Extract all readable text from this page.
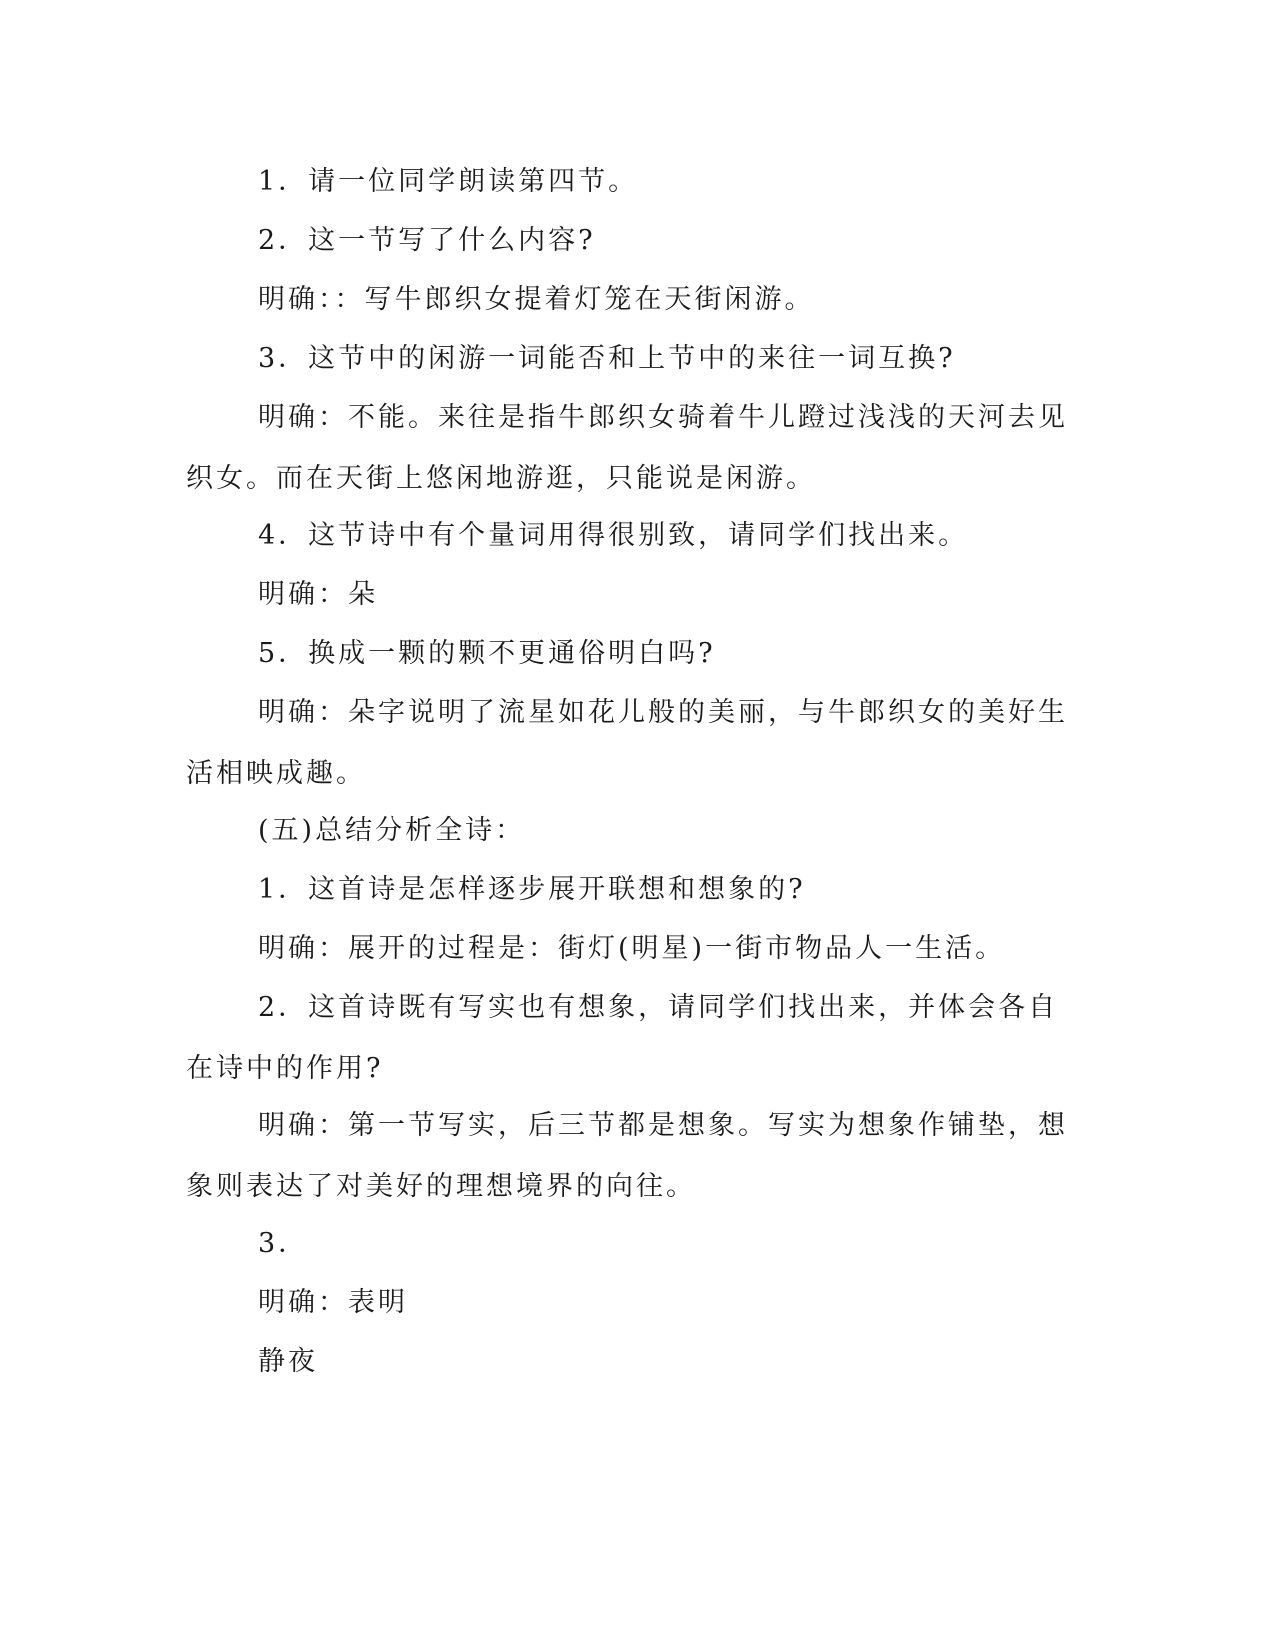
1．请一位同学朗读第四节。

2．这一节写了什么内容?

明确：：写牛郎织女提着灯笼在天街闲游。

3．这节中的闲游一词能否和上节中的来往一词互换?

明确：不能。来往是指牛郎织女骑着牛儿蹬过浅浅的天河去见织女。而在天街上悠闲地游逛，只能说是闲游。

4．这节诗中有个量词用得很别致，请同学们找出来。

明确：朵

5．换成一颗的颗不更通俗明白吗?

明确：朵字说明了流星如花儿般的美丽，与牛郎织女的美好生活相映成趣。

(五)总结分析全诗：

1．这首诗是怎样逐步展开联想和想象的?

明确：展开的过程是：街灯(明星)一街市物品人一生活。

2．这首诗既有写实也有想象，请同学们找出来，并体会各自在诗中的作用?

明确：第一节写实，后三节都是想象。写实为想象作铺垫，想象则表达了对美好的理想境界的向往。

3．

明确：表明

静夜
